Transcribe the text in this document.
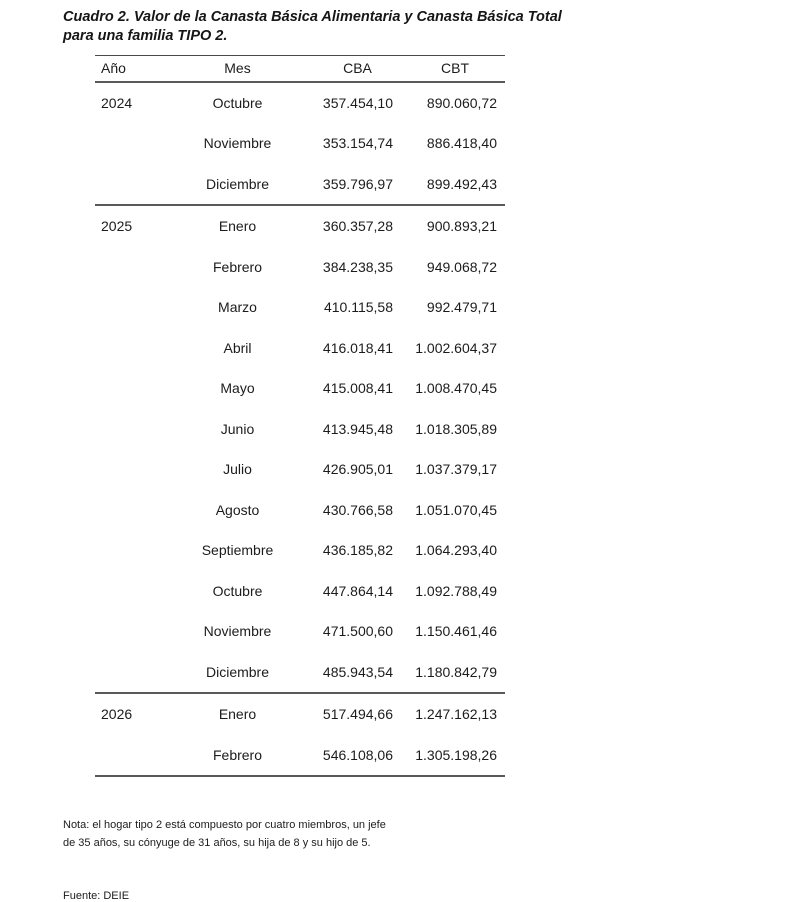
Cuadro 2. Valor de la Canasta Básica Alimentaria y Canasta Básica Total
para una familia TIPO 2.
Año	Mes	CBA	CBT
2024	Octubre	357.454,10	890.060,72
	Noviembre	353.154,74	886.418,40
	Diciembre	359.796,97	899.492,43
2025	Enero	360.357,28	900.893,21
	Febrero	384.238,35	949.068,72
	Marzo	410.115,58	992.479,71
	Abril	416.018,41	1.002.604,37
	Mayo	415.008,41	1.008.470,45
	Junio	413.945,48	1.018.305,89
	Julio	426.905,01	1.037.379,17
	Agosto	430.766,58	1.051.070,45
	Septiembre	436.185,82	1.064.293,40
	Octubre	447.864,14	1.092.788,49
	Noviembre	471.500,60	1.150.461,46
	Diciembre	485.943,54	1.180.842,79
2026	Enero	517.494,66	1.247.162,13
	Febrero	546.108,06	1.305.198,26
Nota: el hogar tipo 2 está compuesto por cuatro miembros, un jefe
de 35 años, su cónyuge de 31 años, su hija de 8 y su hijo de 5.
Fuente: DEIE
